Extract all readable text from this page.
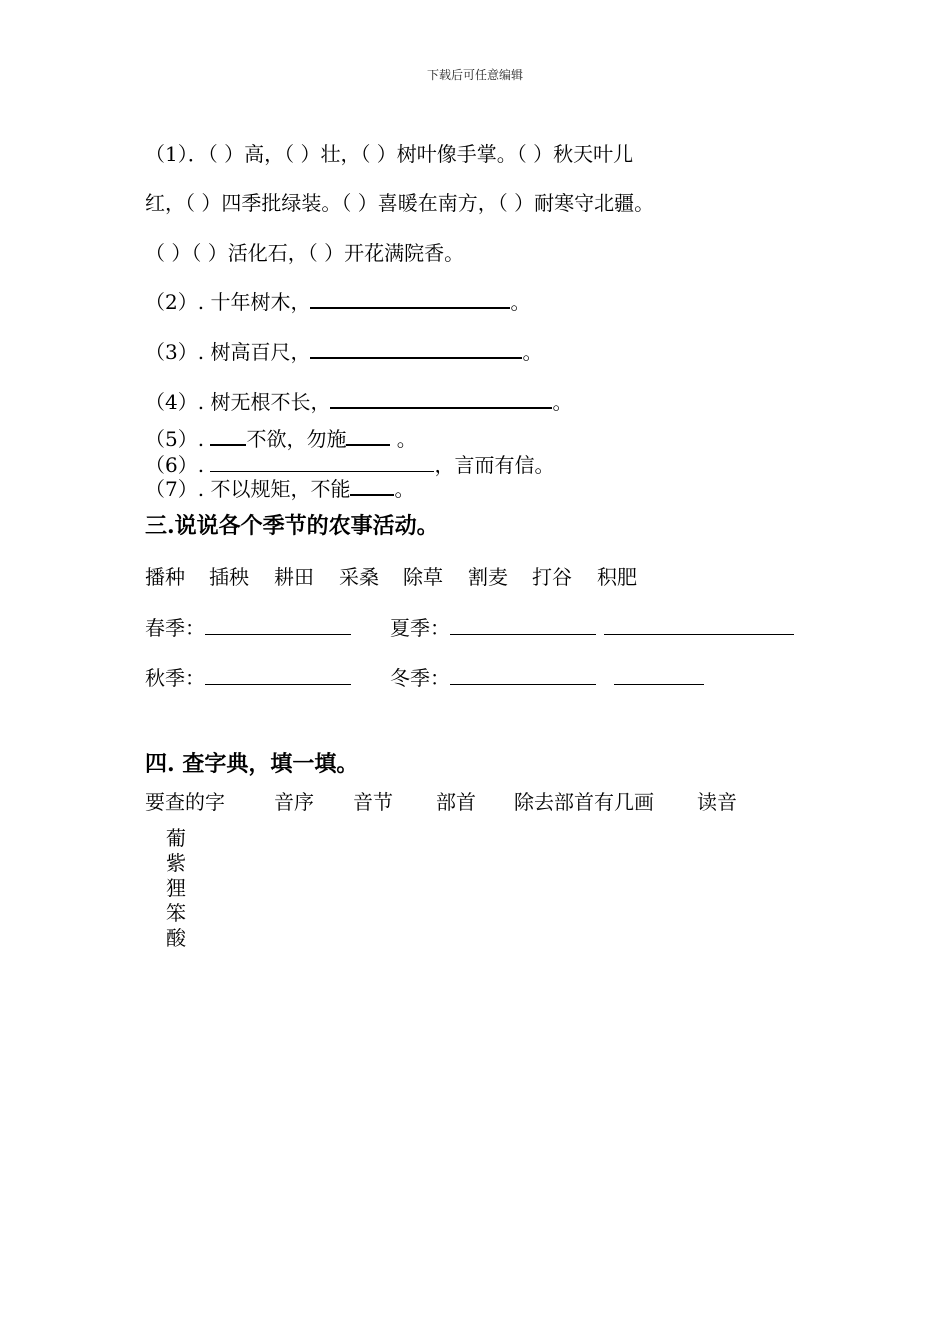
下载后可任意编辑
（1）．（ ）高，（ ）壮，（ ）树叶像手掌。（ ）秋天叶儿
红，（ ）四季批绿装。（ ）喜暖在南方，（ ）耐寒守北疆。
（ ）（ ）活化石，（ ）开花满院香。
（2）. 十年树木，	。
（3）. 树高百尺，	。
（4）. 树无根不长，	。
（5）. 不欲，勿施 。
（6）.	，言而有信。
（7）. 不以规矩，不能 。
三.说说各个季节的农事活动。
播种 插秧 耕田 采桑 除草 割麦 打谷 积肥
春季：	夏季：
秋季：	冬季：
四. 查字典，填一填。
要查的字 音序 音节 部首 除去部首有几画 读音
葡
紫
狸
笨
酸
